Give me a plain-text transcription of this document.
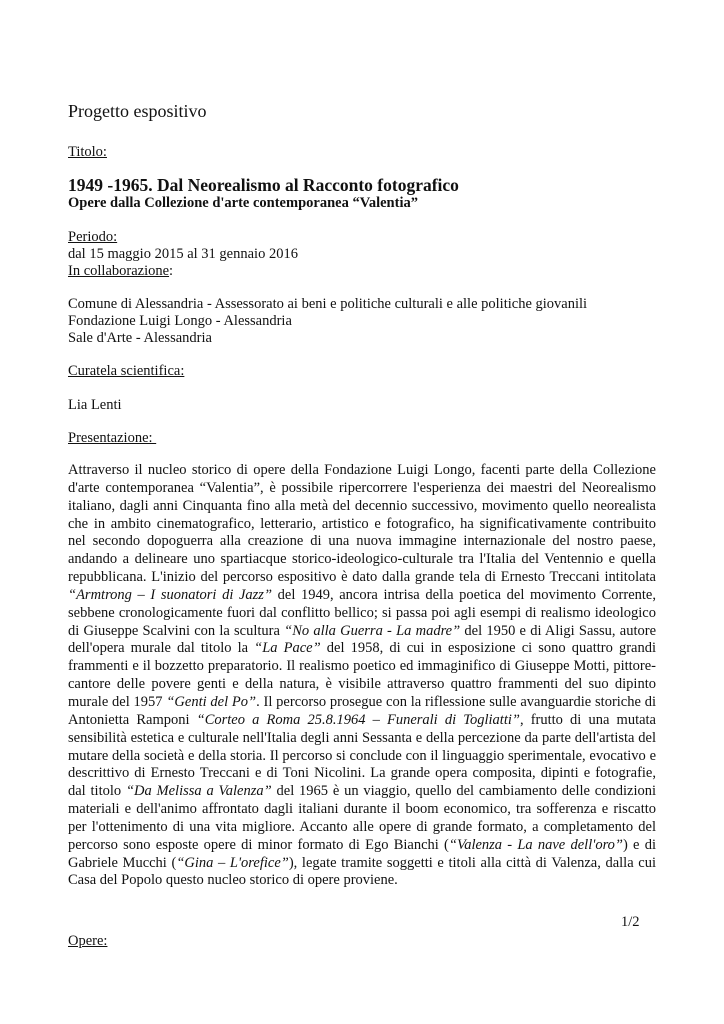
Progetto espositivo
Titolo:
1949 -1965. Dal Neorealismo al Racconto fotografico
Opere dalla Collezione d'arte contemporanea “Valentia”
Periodo:
dal 15 maggio 2015 al 31 gennaio 2016
In collaborazione:
Comune di Alessandria - Assessorato ai beni e politiche culturali e alle politiche giovanili
Fondazione Luigi Longo - Alessandria
Sale d'Arte - Alessandria
Curatela scientifica:
Lia Lenti
Presentazione:
Attraverso il nucleo storico di opere della Fondazione Luigi Longo, facenti parte della Collezione d'arte contemporanea “Valentia”, è possibile ripercorrere l'esperienza dei maestri del Neorealismo italiano, dagli anni Cinquanta fino alla metà del decennio successivo, movimento quello neorealista che in ambito cinematografico, letterario, artistico e fotografico, ha significativamente contribuito nel secondo dopoguerra alla creazione di una nuova immagine internazionale del nostro paese, andando a delineare uno spartiacque storico-ideologico-culturale tra l'Italia del Ventennio e quella repubblicana. L'inizio del percorso espositivo è dato dalla grande tela di Ernesto Treccani intitolata “Armtrong – I suonatori di Jazz” del 1949, ancora intrisa della poetica del movimento Corrente, sebbene cronologicamente fuori dal conflitto bellico; si passa poi agli esempi di realismo ideologico di Giuseppe Scalvini con la scultura “No alla Guerra - La madre” del 1950 e di Aligi Sassu, autore dell'opera murale dal titolo la “La Pace” del 1958, di cui in esposizione ci sono quattro grandi frammenti e il bozzetto preparatorio. Il realismo poetico ed immaginifico di Giuseppe Motti, pittore-cantore delle povere genti e della natura, è visibile attraverso quattro frammenti del suo dipinto murale del 1957 “Genti del Po”. Il percorso prosegue con la riflessione sulle avanguardie storiche di Antonietta Ramponi “Corteo a Roma 25.8.1964 – Funerali di Togliatti”, frutto di una mutata sensibilità estetica e culturale nell'Italia degli anni Sessanta e della percezione da parte dell'artista del mutare della società e della storia. Il percorso si conclude con il linguaggio sperimentale, evocativo e descrittivo di Ernesto Treccani e di Toni Nicolini. La grande opera composita, dipinti e fotografie, dal titolo “Da Melissa a Valenza” del 1965 è un viaggio, quello del cambiamento delle condizioni materiali e dell'animo affrontato dagli italiani durante il boom economico, tra sofferenza e riscatto per l'ottenimento di una vita migliore. Accanto alle opere di grande formato, a completamento del percorso sono esposte opere di minor formato di Ego Bianchi (“Valenza - La nave dell'oro”) e di Gabriele Mucchi (“Gina – L'orefice”), legate tramite soggetti e titoli alla città di Valenza, dalla cui Casa del Popolo questo nucleo storico di opere proviene.
Opere:
1/2
